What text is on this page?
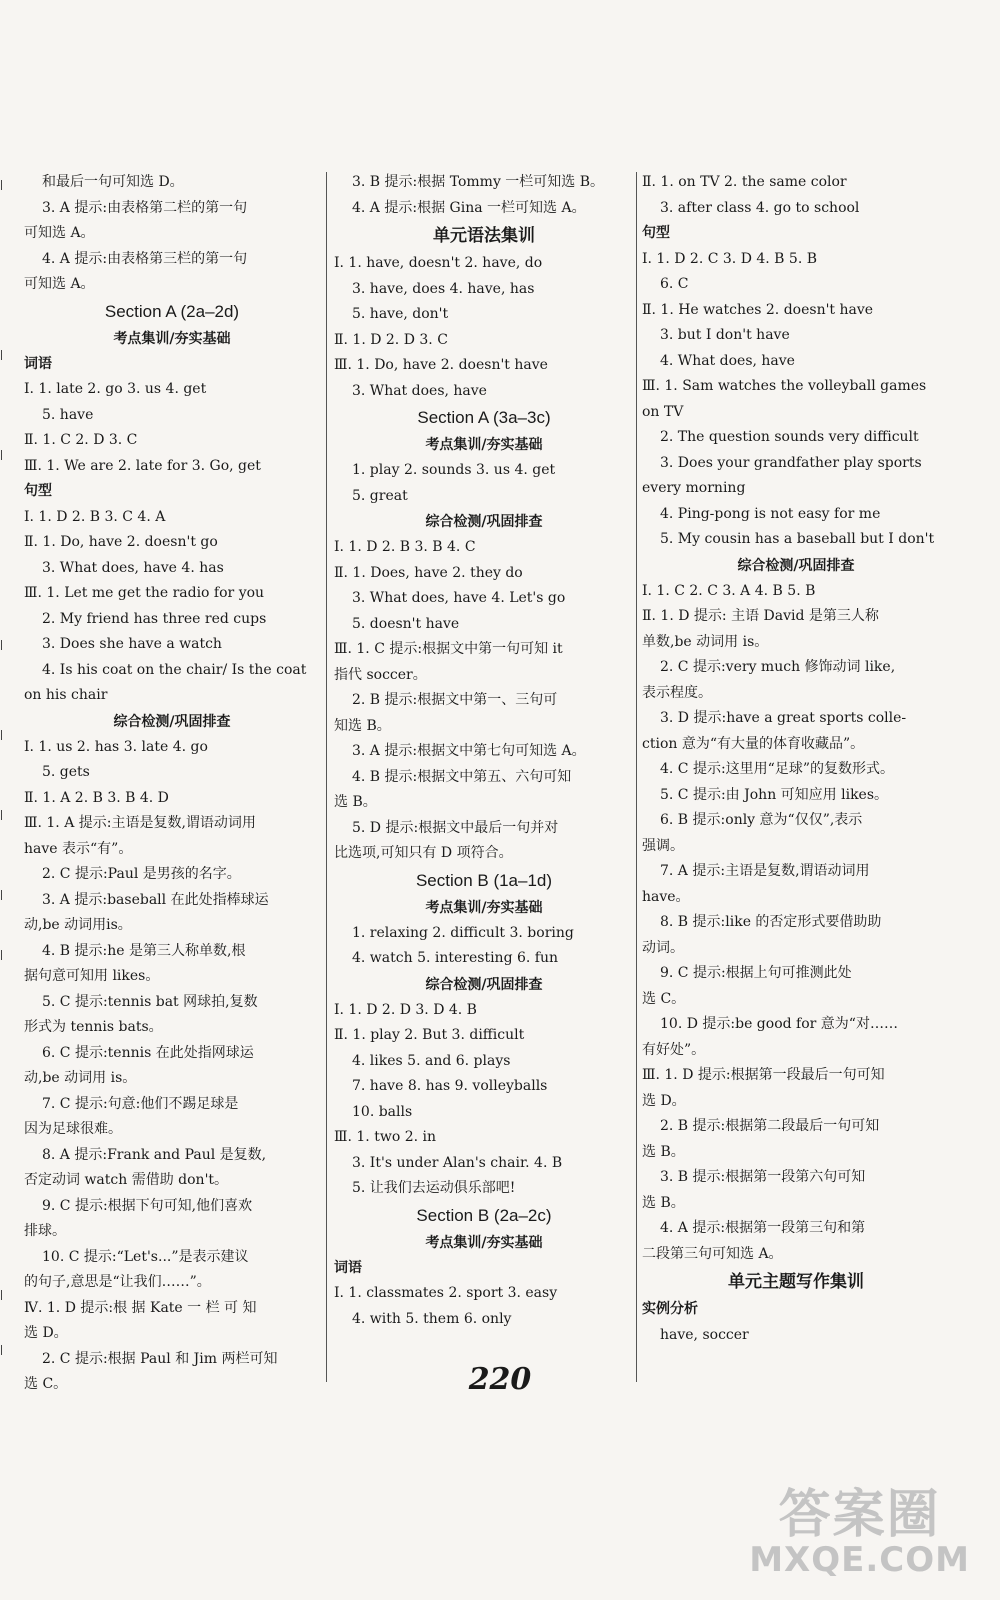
和最后一句可知选 D。
3. A 提示:由表格第二栏的第一句
可知选 A。
4. A 提示:由表格第三栏的第一句
可知选 A。
Section A (2a–2d)
考点集训/夯实基础
词语
Ⅰ. 1. late 2. go 3. us 4. get
5. have
Ⅱ. 1. C 2. D 3. C
Ⅲ. 1. We are 2. late for 3. Go, get
句型
Ⅰ. 1. D 2. B 3. C 4. A
Ⅱ. 1. Do, have 2. doesn't go
3. What does, have 4. has
Ⅲ. 1. Let me get the radio for you
2. My friend has three red cups
3. Does she have a watch
4. Is his coat on the chair/ Is the coat
on his chair
综合检测/巩固排查
Ⅰ. 1. us 2. has 3. late 4. go
5. gets
Ⅱ. 1. A 2. B 3. B 4. D
Ⅲ. 1. A 提示:主语是复数,谓语动词用
have 表示“有”。
2. C 提示:Paul 是男孩的名字。
3. A 提示:baseball 在此处指棒球运
动,be 动词用is。
4. B 提示:he 是第三人称单数,根
据句意可知用 likes。
5. C 提示:tennis bat 网球拍,复数
形式为 tennis bats。
6. C 提示:tennis 在此处指网球运
动,be 动词用 is。
7. C 提示:句意:他们不踢足球是
因为足球很难。
8. A 提示:Frank and Paul 是复数,
否定动词 watch 需借助 don't。
9. C 提示:根据下句可知,他们喜欢
排球。
10. C 提示:“Let's...”是表示建议
的句子,意思是“让我们……”。
Ⅳ. 1. D 提示:根 据 Kate 一 栏 可 知
选 D。
2. C 提示:根据 Paul 和 Jim 两栏可知
选 C。
3. B 提示:根据 Tommy 一栏可知选 B。
4. A 提示:根据 Gina 一栏可知选 A。
单元语法集训
Ⅰ. 1. have, doesn't 2. have, do
3. have, does 4. have, has
5. have, don't
Ⅱ. 1. D 2. D 3. C
Ⅲ. 1. Do, have 2. doesn't have
3. What does, have
Section A (3a–3c)
考点集训/夯实基础
1. play 2. sounds 3. us 4. get
5. great
综合检测/巩固排查
Ⅰ. 1. D 2. B 3. B 4. C
Ⅱ. 1. Does, have 2. they do
3. What does, have 4. Let's go
5. doesn't have
Ⅲ. 1. C 提示:根据文中第一句可知 it
指代 soccer。
2. B 提示:根据文中第一、三句可
知选 B。
3. A 提示:根据文中第七句可知选 A。
4. B 提示:根据文中第五、六句可知
选 B。
5. D 提示:根据文中最后一句并对
比选项,可知只有 D 项符合。
Section B (1a–1d)
考点集训/夯实基础
1. relaxing 2. difficult 3. boring
4. watch 5. interesting 6. fun
综合检测/巩固排查
Ⅰ. 1. D 2. D 3. D 4. B
Ⅱ. 1. play 2. But 3. difficult
4. likes 5. and 6. plays
7. have 8. has 9. volleyballs
10. balls
Ⅲ. 1. two 2. in
3. It's under Alan's chair. 4. B
5. 让我们去运动俱乐部吧!
Section B (2a–2c)
考点集训/夯实基础
词语
Ⅰ. 1. classmates 2. sport 3. easy
4. with 5. them 6. only
Ⅱ. 1. on TV 2. the same color
3. after class 4. go to school
句型
Ⅰ. 1. D 2. C 3. D 4. B 5. B
6. C
Ⅱ. 1. He watches 2. doesn't have
3. but I don't have
4. What does, have
Ⅲ. 1. Sam watches the volleyball games
on TV
2. The question sounds very difficult
3. Does your grandfather play sports
every morning
4. Ping-pong is not easy for me
5. My cousin has a baseball but I don't
综合检测/巩固排查
Ⅰ. 1. C 2. C 3. A 4. B 5. B
Ⅱ. 1. D 提示: 主语 David 是第三人称
单数,be 动词用 is。
2. C 提示:very much 修饰动词 like,
表示程度。
3. D 提示:have a great sports colle-
ction 意为“有大量的体育收藏品”。
4. C 提示:这里用“足球”的复数形式。
5. C 提示:由 John 可知应用 likes。
6. B 提示:only 意为“仅仅”,表示
强调。
7. A 提示:主语是复数,谓语动词用
have。
8. B 提示:like 的否定形式要借助助
动词。
9. C 提示:根据上句可推测此处
选 C。
10. D 提示:be good for 意为“对……
有好处”。
Ⅲ. 1. D 提示:根据第一段最后一句可知
选 D。
2. B 提示:根据第二段最后一句可知
选 B。
3. B 提示:根据第一段第六句可知
选 B。
4. A 提示:根据第一段第三句和第
二段第三句可知选 A。
单元主题写作集训
实例分析
have, soccer
220
答案圈
MXQE.COM
